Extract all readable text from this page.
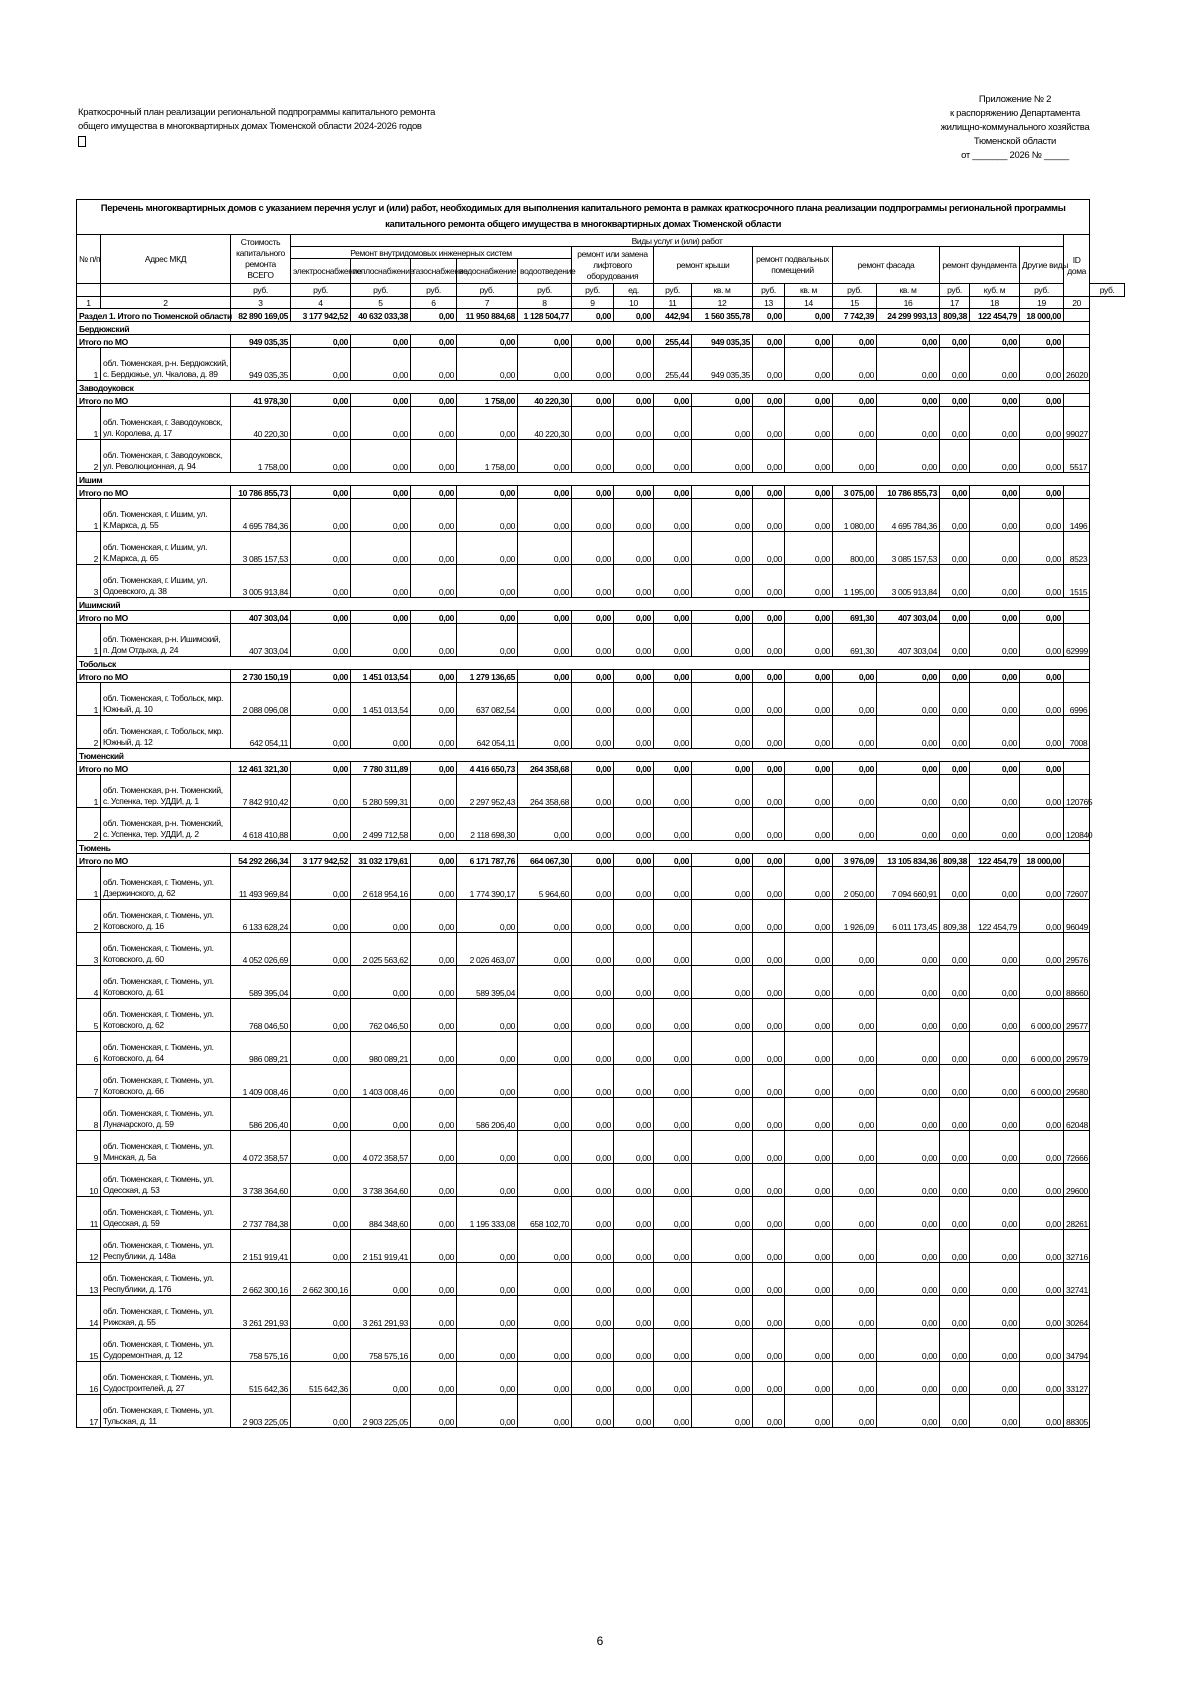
Краткосрочный план реализации региональной подпрограммы капитального ремонта
общего имущества в многоквартирных домах Тюменской области 2024-2026 годов
Приложение № 2
к распоряжению Департамента
жилищно-коммунального хозяйства
Тюменской области
от _______ 2026 № _____
Перечень многоквартирных домов с указанием перечня услуг и (или) работ, необходимых для выполнения капитального ремонта в рамках краткосрочного плана реализации подпрограммы региональной программы капитального ремонта общего имущества в многоквартирных домах Тюменской области																				
№ п/п	Адрес МКД	Стоимость капитального ремонта ВСЕГО	Виды услуг и (или) работ																ID дома	
			Ремонт внутридомовых инженерных систем					ремонт или замена лифтового оборудования		ремонт крыши		ремонт подвальных помещений		ремонт фасада		ремонт фундамента		Другие виды		
			электроснабжение	теплоснабжение	газоснабжение	водоснабжение	водоотведение													
		руб.	руб.	руб.	руб.	руб.	руб.	руб.	ед.	руб.	кв. м	руб.	кв. м	руб.	кв. м	руб.	куб. м	руб.		руб.
1	2	3	4	5	6	7	8	9	10	11	12	13	14	15	16	17	18	19	20	
Раздел 1. Итого по Тюменской области		82 890 169,05	3 177 942,52	40 632 033,38	0,00	11 950 884,68	1 128 504,77	0,00	0,00	442,94	1 560 355,78	0,00	0,00	7 742,39	24 299 993,13	809,38	122 454,79	18 000,00		
Бердюжский																				
Итого по МО		949 035,35	0,00	0,00	0,00	0,00	0,00	0,00	0,00	255,44	949 035,35	0,00	0,00	0,00	0,00	0,00	0,00	0,00		
1	обл. Тюменская, р-н. Бердюжский, с. Бердюжье, ул. Чкалова, д. 89	949 035,35	0,00	0,00	0,00	0,00	0,00	0,00	0,00	255,44	949 035,35	0,00	0,00	0,00	0,00	0,00	0,00	0,00	26020	
Заводоуковск																				
Итого по МО		41 978,30	0,00	0,00	0,00	1 758,00	40 220,30	0,00	0,00	0,00	0,00	0,00	0,00	0,00	0,00	0,00	0,00	0,00		
1	обл. Тюменская, г. Заводоуковск, ул. Королева, д. 17	40 220,30	0,00	0,00	0,00	0,00	40 220,30	0,00	0,00	0,00	0,00	0,00	0,00	0,00	0,00	0,00	0,00	0,00	99027	
2	обл. Тюменская, г. Заводоуковск, ул. Революционная, д. 94	1 758,00	0,00	0,00	0,00	1 758,00	0,00	0,00	0,00	0,00	0,00	0,00	0,00	0,00	0,00	0,00	0,00	0,00	5517	
Ишим																				
Итого по МО		10 786 855,73	0,00	0,00	0,00	0,00	0,00	0,00	0,00	0,00	0,00	0,00	0,00	3 075,00	10 786 855,73	0,00	0,00	0,00		
1	обл. Тюменская, г. Ишим, ул. К.Маркса, д. 55	4 695 784,36	0,00	0,00	0,00	0,00	0,00	0,00	0,00	0,00	0,00	0,00	0,00	1 080,00	4 695 784,36	0,00	0,00	0,00	1496	
2	обл. Тюменская, г. Ишим, ул. К.Маркса, д. 65	3 085 157,53	0,00	0,00	0,00	0,00	0,00	0,00	0,00	0,00	0,00	0,00	0,00	800,00	3 085 157,53	0,00	0,00	0,00	8523	
3	обл. Тюменская, г. Ишим, ул. Одоевского, д. 38	3 005 913,84	0,00	0,00	0,00	0,00	0,00	0,00	0,00	0,00	0,00	0,00	0,00	1 195,00	3 005 913,84	0,00	0,00	0,00	1515	
Ишимский																				
Итого по МО		407 303,04	0,00	0,00	0,00	0,00	0,00	0,00	0,00	0,00	0,00	0,00	0,00	691,30	407 303,04	0,00	0,00	0,00		
1	обл. Тюменская, р-н. Ишимский, п. Дом Отдыха, д. 24	407 303,04	0,00	0,00	0,00	0,00	0,00	0,00	0,00	0,00	0,00	0,00	0,00	691,30	407 303,04	0,00	0,00	0,00	62999	
Тобольск																				
Итого по МО		2 730 150,19	0,00	1 451 013,54	0,00	1 279 136,65	0,00	0,00	0,00	0,00	0,00	0,00	0,00	0,00	0,00	0,00	0,00	0,00		
1	обл. Тюменская, г. Тобольск, мкр. Южный, д. 10	2 088 096,08	0,00	1 451 013,54	0,00	637 082,54	0,00	0,00	0,00	0,00	0,00	0,00	0,00	0,00	0,00	0,00	0,00	0,00	6996	
2	обл. Тюменская, г. Тобольск, мкр. Южный, д. 12	642 054,11	0,00	0,00	0,00	642 054,11	0,00	0,00	0,00	0,00	0,00	0,00	0,00	0,00	0,00	0,00	0,00	0,00	7008	
Тюменский																				
Итого по МО		12 461 321,30	0,00	7 780 311,89	0,00	4 416 650,73	264 358,68	0,00	0,00	0,00	0,00	0,00	0,00	0,00	0,00	0,00	0,00	0,00		
1	обл. Тюменская, р-н. Тюменский, с. Успенка, тер. УДДИ, д. 1	7 842 910,42	0,00	5 280 599,31	0,00	2 297 952,43	264 358,68	0,00	0,00	0,00	0,00	0,00	0,00	0,00	0,00	0,00	0,00	0,00	120765	
2	обл. Тюменская, р-н. Тюменский, с. Успенка, тер. УДДИ, д. 2	4 618 410,88	0,00	2 499 712,58	0,00	2 118 698,30	0,00	0,00	0,00	0,00	0,00	0,00	0,00	0,00	0,00	0,00	0,00	0,00	120840	
Тюмень																				
Итого по МО		54 292 266,34	3 177 942,52	31 032 179,61	0,00	6 171 787,76	664 067,30	0,00	0,00	0,00	0,00	0,00	0,00	3 976,09	13 105 834,36	809,38	122 454,79	18 000,00		
1	обл. Тюменская, г. Тюмень, ул. Дзержинского, д. 62	11 493 969,84	0,00	2 618 954,16	0,00	1 774 390,17	5 964,60	0,00	0,00	0,00	0,00	0,00	0,00	2 050,00	7 094 660,91	0,00	0,00	0,00	72607	
2	обл. Тюменская, г. Тюмень, ул. Котовского, д. 16	6 133 628,24	0,00	0,00	0,00	0,00	0,00	0,00	0,00	0,00	0,00	0,00	0,00	1 926,09	6 011 173,45	809,38	122 454,79	0,00	96049	
3	обл. Тюменская, г. Тюмень, ул. Котовского, д. 60	4 052 026,69	0,00	2 025 563,62	0,00	2 026 463,07	0,00	0,00	0,00	0,00	0,00	0,00	0,00	0,00	0,00	0,00	0,00	0,00	29576	
4	обл. Тюменская, г. Тюмень, ул. Котовского, д. 61	589 395,04	0,00	0,00	0,00	589 395,04	0,00	0,00	0,00	0,00	0,00	0,00	0,00	0,00	0,00	0,00	0,00	0,00	88660	
5	обл. Тюменская, г. Тюмень, ул. Котовского, д. 62	768 046,50	0,00	762 046,50	0,00	0,00	0,00	0,00	0,00	0,00	0,00	0,00	0,00	0,00	0,00	0,00	0,00	6 000,00	29577	
6	обл. Тюменская, г. Тюмень, ул. Котовского, д. 64	986 089,21	0,00	980 089,21	0,00	0,00	0,00	0,00	0,00	0,00	0,00	0,00	0,00	0,00	0,00	0,00	0,00	6 000,00	29579	
7	обл. Тюменская, г. Тюмень, ул. Котовского, д. 66	1 409 008,46	0,00	1 403 008,46	0,00	0,00	0,00	0,00	0,00	0,00	0,00	0,00	0,00	0,00	0,00	0,00	0,00	6 000,00	29580	
8	обл. Тюменская, г. Тюмень, ул. Луначарского, д. 59	586 206,40	0,00	0,00	0,00	586 206,40	0,00	0,00	0,00	0,00	0,00	0,00	0,00	0,00	0,00	0,00	0,00	0,00	62048	
9	обл. Тюменская, г. Тюмень, ул. Минская, д. 5а	4 072 358,57	0,00	4 072 358,57	0,00	0,00	0,00	0,00	0,00	0,00	0,00	0,00	0,00	0,00	0,00	0,00	0,00	0,00	72666	
10	обл. Тюменская, г. Тюмень, ул. Одесская, д. 53	3 738 364,60	0,00	3 738 364,60	0,00	0,00	0,00	0,00	0,00	0,00	0,00	0,00	0,00	0,00	0,00	0,00	0,00	0,00	29600	
11	обл. Тюменская, г. Тюмень, ул. Одесская, д. 59	2 737 784,38	0,00	884 348,60	0,00	1 195 333,08	658 102,70	0,00	0,00	0,00	0,00	0,00	0,00	0,00	0,00	0,00	0,00	0,00	28261	
12	обл. Тюменская, г. Тюмень, ул. Республики, д. 148а	2 151 919,41	0,00	2 151 919,41	0,00	0,00	0,00	0,00	0,00	0,00	0,00	0,00	0,00	0,00	0,00	0,00	0,00	0,00	32716	
13	обл. Тюменская, г. Тюмень, ул. Республики, д. 176	2 662 300,16	2 662 300,16	0,00	0,00	0,00	0,00	0,00	0,00	0,00	0,00	0,00	0,00	0,00	0,00	0,00	0,00	0,00	32741	
14	обл. Тюменская, г. Тюмень, ул. Рижская, д. 55	3 261 291,93	0,00	3 261 291,93	0,00	0,00	0,00	0,00	0,00	0,00	0,00	0,00	0,00	0,00	0,00	0,00	0,00	0,00	30264	
15	обл. Тюменская, г. Тюмень, ул. Судоремонтная, д. 12	758 575,16	0,00	758 575,16	0,00	0,00	0,00	0,00	0,00	0,00	0,00	0,00	0,00	0,00	0,00	0,00	0,00	0,00	34794	
16	обл. Тюменская, г. Тюмень, ул. Судостроителей, д. 27	515 642,36	515 642,36	0,00	0,00	0,00	0,00	0,00	0,00	0,00	0,00	0,00	0,00	0,00	0,00	0,00	0,00	0,00	33127	
17	обл. Тюменская, г. Тюмень, ул. Тульская, д. 11	2 903 225,05	0,00	2 903 225,05	0,00	0,00	0,00	0,00	0,00	0,00	0,00	0,00	0,00	0,00	0,00	0,00	0,00	0,00	88305	
6
